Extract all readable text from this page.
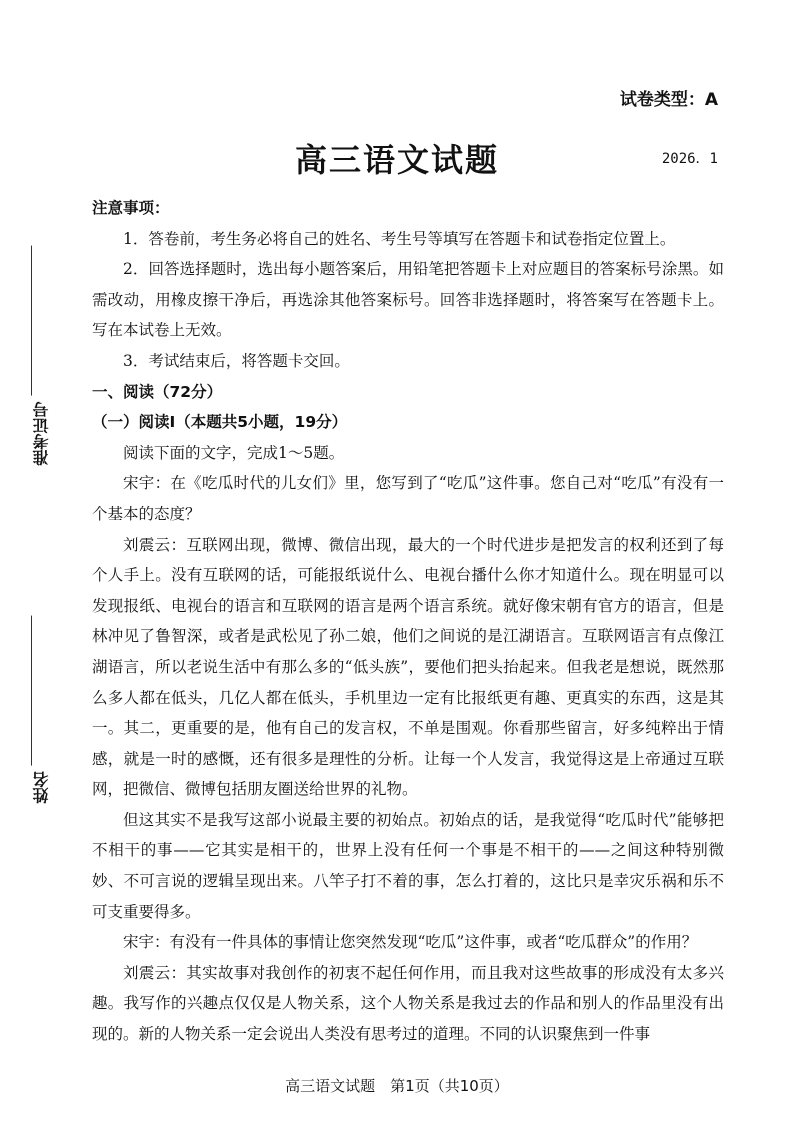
试卷类型：A
高三语文试题	2026．1
准考证号
姓名

注意事项：

1．答卷前，考生务必将自己的姓名、考生号等填写在答题卡和试卷指定位置上。

2．回答选择题时，选出每小题答案后，用铅笔把答题卡上对应题目的答案标号涂黑。如需改动，用橡皮擦干净后，再选涂其他答案标号。回答非选择题时，将答案写在答题卡上。写在本试卷上无效。

3．考试结束后，将答题卡交回。

一、阅读（72分）

（一）阅读Ⅰ（本题共5小题，19分）

阅读下面的文字，完成1～5题。

宋宇：在《吃瓜时代的儿女们》里，您写到了“吃瓜”这件事。您自己对“吃瓜”有没有一个基本的态度？

刘震云：互联网出现，微博、微信出现，最大的一个时代进步是把发言的权利还到了每个人手上。没有互联网的话，可能报纸说什么、电视台播什么你才知道什么。现在明显可以发现报纸、电视台的语言和互联网的语言是两个语言系统。就好像宋朝有官方的语言，但是林冲见了鲁智深，或者是武松见了孙二娘，他们之间说的是江湖语言。互联网语言有点像江湖语言，所以老说生活中有那么多的“低头族”，要他们把头抬起来。但我老是想说，既然那么多人都在低头，几亿人都在低头，手机里边一定有比报纸更有趣、更真实的东西，这是其一。其二，更重要的是，他有自己的发言权，不单是围观。你看那些留言，好多纯粹出于情感，就是一时的感慨，还有很多是理性的分析。让每一个人发言，我觉得这是上帝通过互联网，把微信、微博包括朋友圈送给世界的礼物。

但这其实不是我写这部小说最主要的初始点。初始点的话，是我觉得“吃瓜时代”能够把不相干的事——它其实是相干的，世界上没有任何一个事是不相干的——之间这种特别微妙、不可言说的逻辑呈现出来。八竿子打不着的事，怎么打着的，这比只是幸灾乐祸和乐不可支重要得多。

宋宇：有没有一件具体的事情让您突然发现“吃瓜”这件事，或者“吃瓜群众”的作用？

刘震云：其实故事对我创作的初衷不起任何作用，而且我对这些故事的形成没有太多兴趣。我写作的兴趣点仅仅是人物关系，这个人物关系是我过去的作品和别人的作品里没有出现的。新的人物关系一定会说出人类没有思考过的道理。不同的认识聚焦到一件事

高三语文试题　第1页（共10页）
